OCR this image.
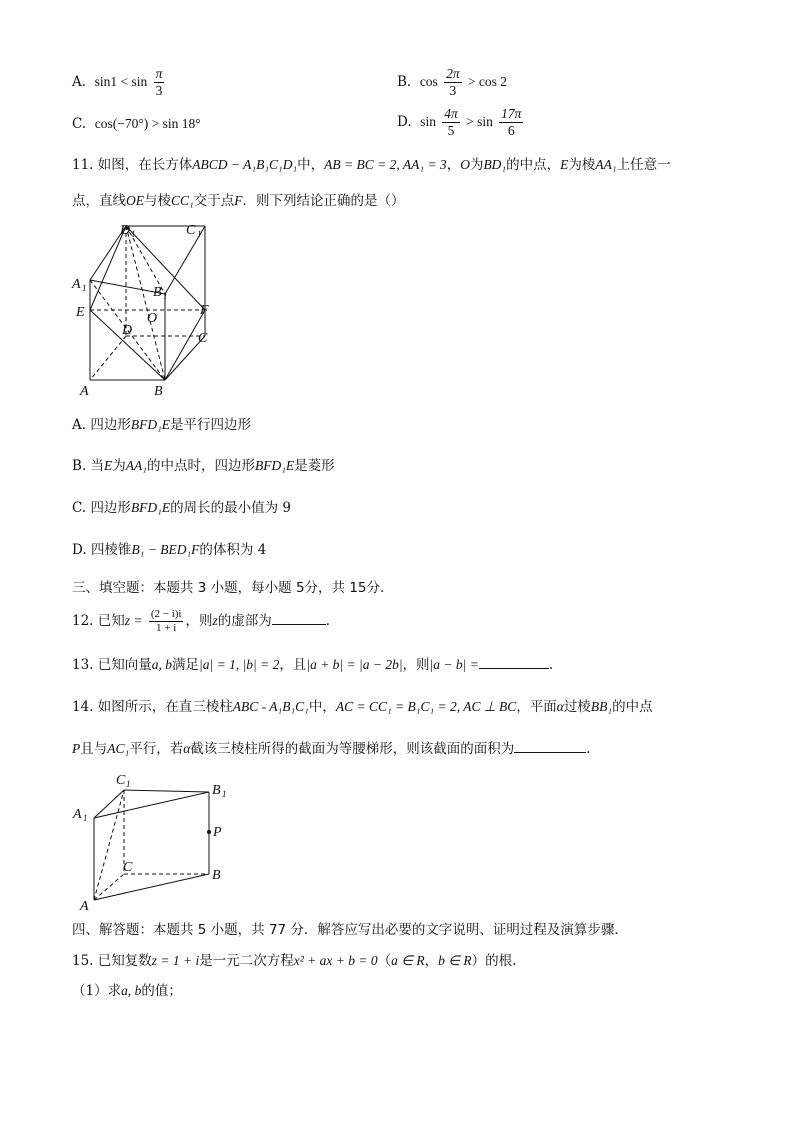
A. $\sin 1 < \sin \frac{\pi}{3}$	B. $\cos \frac{2\pi}{3} > \cos 2$
C. cos(−70°) > sin 18°	D. $\sin \frac{4\pi}{5} > \sin \frac{17\pi}{6}$
11. 如图，在长方体ABCD − A₁B₁C₁D₁中，AB = BC = 2, AA₁ = 3，O为BD₁的中点，E为棱AA₁上任意一
点，直线OE与棱CC₁交于点F．则下列结论正确的是（）
D 1	C 1
A 1	B 1
E	O
F
D
C
A	B
A. 四边形BFD₁E是平行四边形
B. 当E为AA₁的中点时，四边形BFD₁E是菱形
C. 四边形BFD₁E的周长的最小值为 9
D. 四棱锥B₁ − BED₁F的体积为 4
三、填空题：本题共 3 小题，每小题 5分，共 15分．
12. 已知$z = \frac{(2 - i)i}{1 + i}$ ，则z的虚部为	.
13. 已知向量a, b满足|a| = 1, |b| = 2，且|a + b| = |a − 2b|，则|a − b| =	.
14. 如图所示，在直三棱柱ABC - A₁B₁C₁中，AC = CC₁ = B₁C₁ = 2, AC ⊥ BC，平面α过棱BB₁的中点
P且与AC₁平行，若α截该三棱柱所得的截面为等腰梯形，则该截面的面积为	.
C 1	B 1
A 1
P
C
B
A
四、解答题：本题共 5 小题，共 77 分．解答应写出必要的文字说明、证明过程及演算步骤．
15. 已知复数z = 1 + i是一元二次方程x² + ax + b = 0（a ∈ R，b ∈ R）的根.
（1）求a, b的值；
